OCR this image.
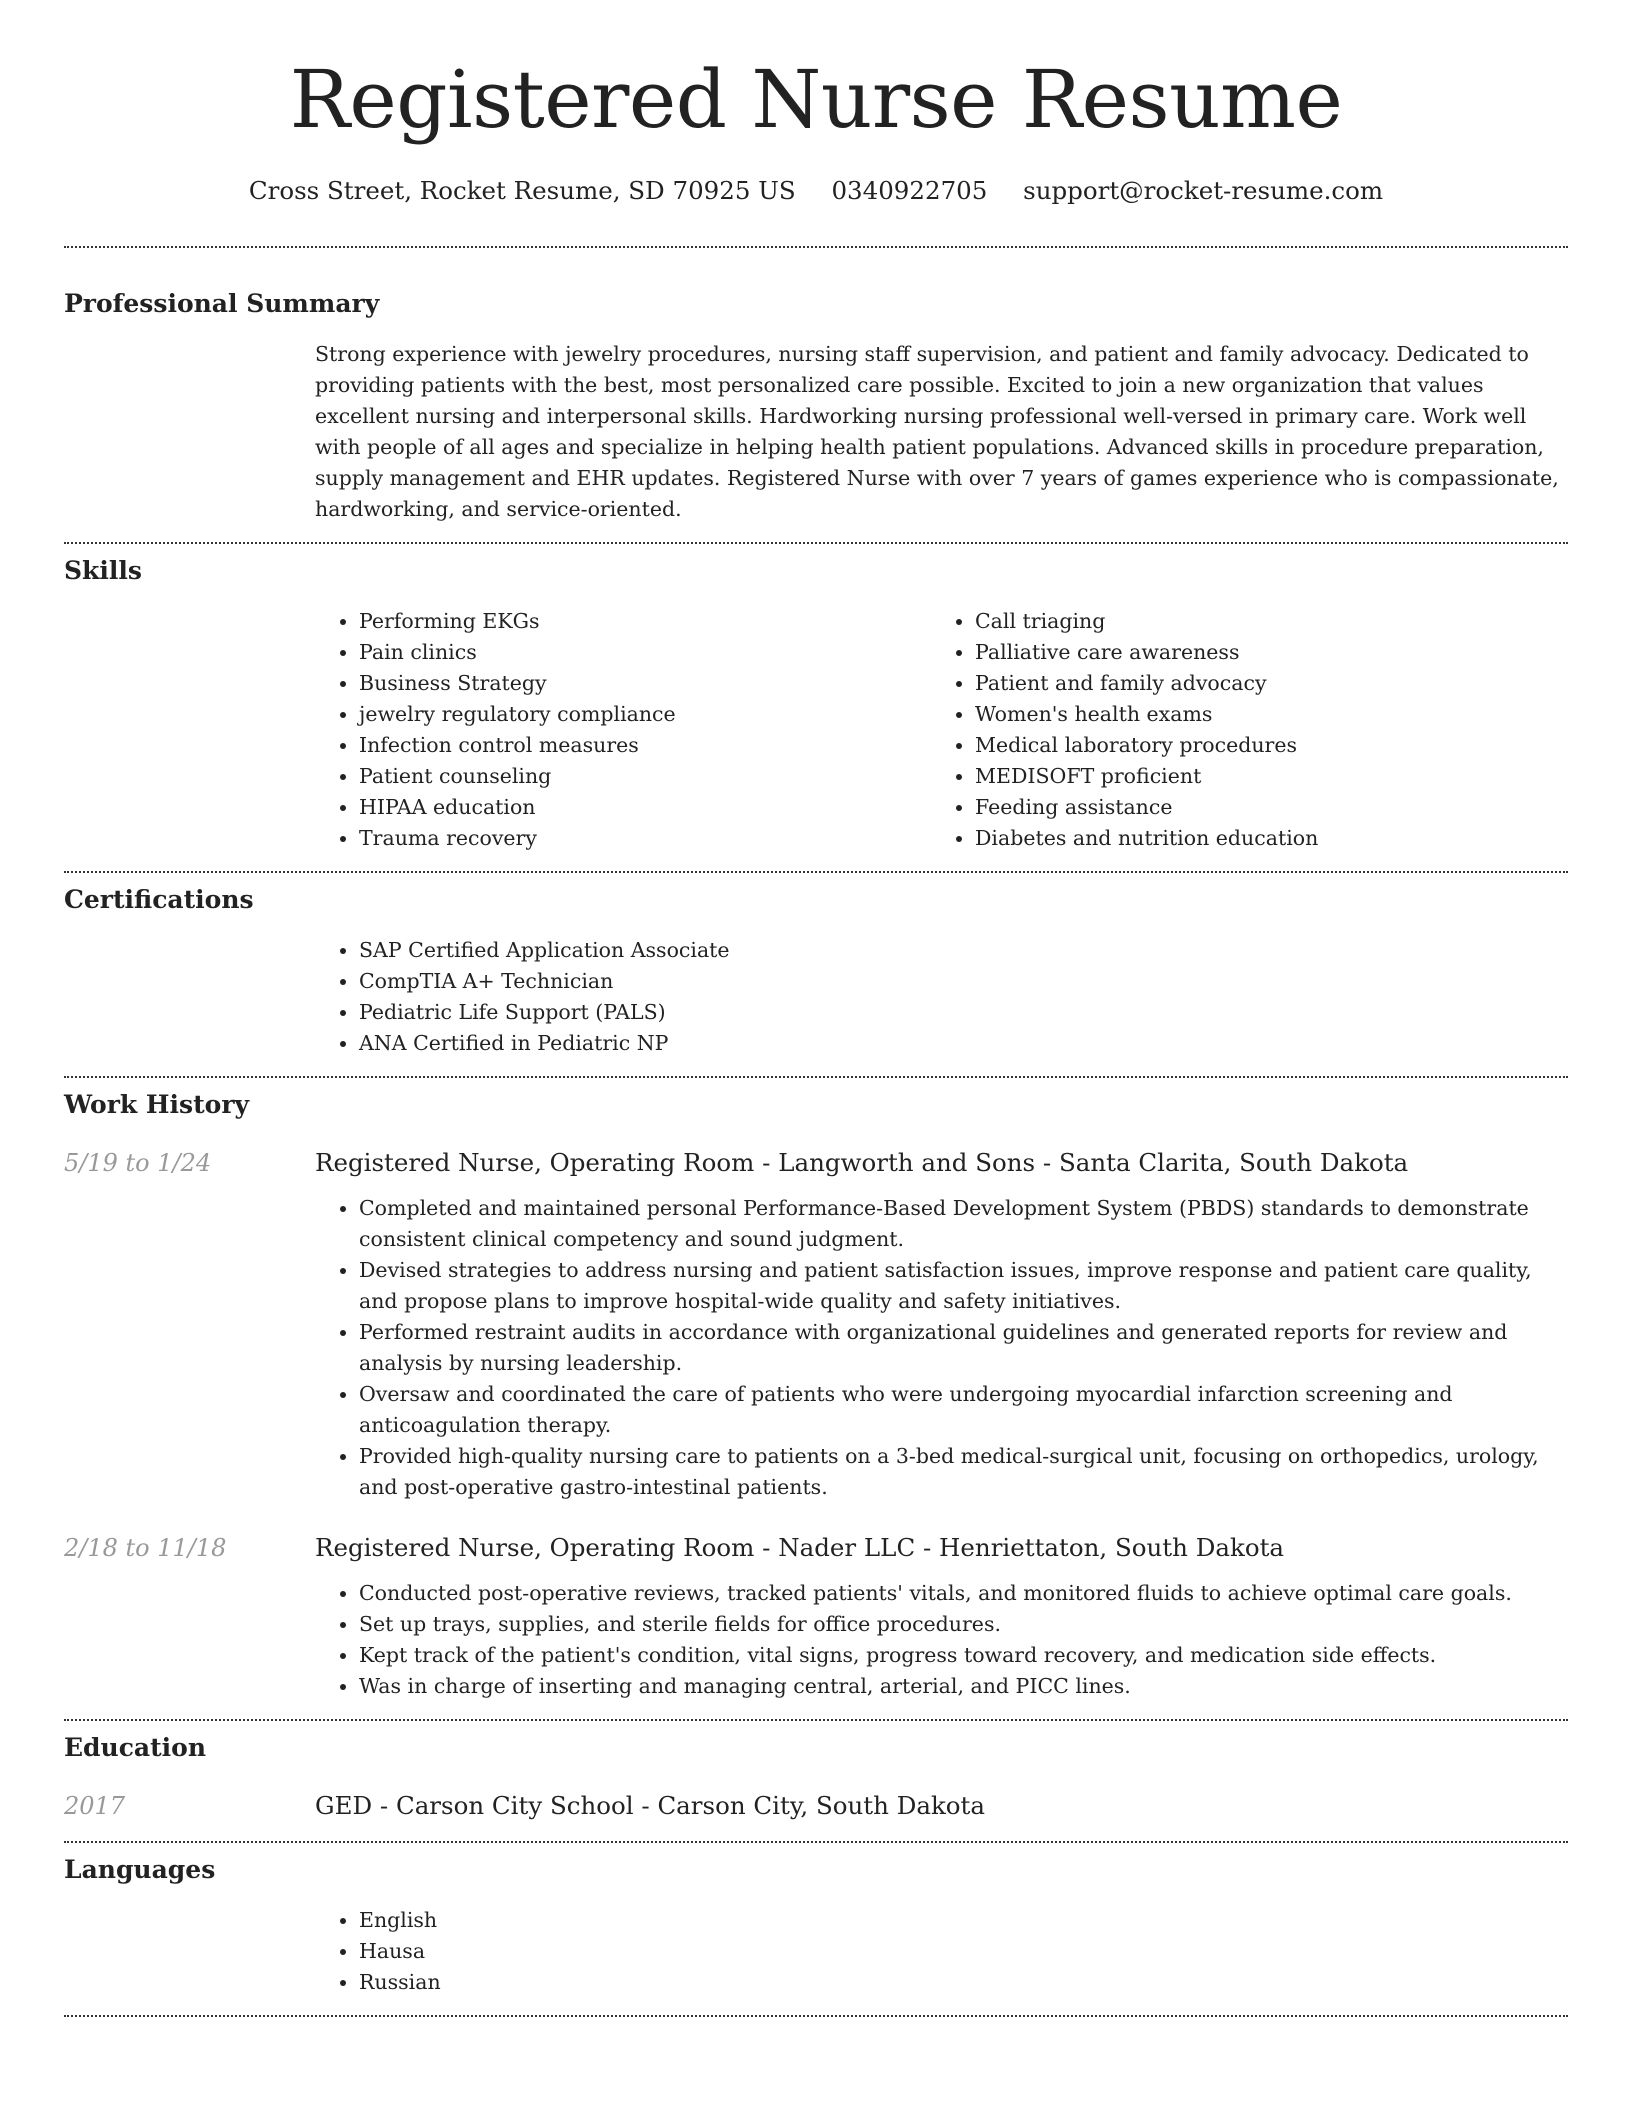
Registered Nurse Resume
Cross Street, Rocket Resume, SD 70925 US 0340922705 support@rocket-resume.com
Professional Summary

Strong experience with jewelry procedures, nursing staff supervision, and patient and family advocacy. Dedicated to providing patients with the best, most personalized care possible. Excited to join a new organization that values excellent nursing and interpersonal skills. Hardworking nursing professional well-versed in primary care. Work well with people of all ages and specialize in helping health patient populations. Advanced skills in procedure preparation, supply management and EHR updates. Registered Nurse with over 7 years of games experience who is compassionate, hardworking, and service-oriented.

Skills
• Performing EKGs
• Pain clinics
• Business Strategy
• jewelry regulatory compliance
• Infection control measures
• Patient counseling
• HIPAA education
• Trauma recovery
• Call triaging
• Palliative care awareness
• Patient and family advocacy
• Women's health exams
• Medical laboratory procedures
• MEDISOFT proficient
• Feeding assistance
• Diabetes and nutrition education
Certifications
• SAP Certified Application Associate
• CompTIA A+ Technician
• Pediatric Life Support (PALS)
• ANA Certified in Pediatric NP
Work History
5/19 to 1/24	Registered Nurse, Operating Room - Langworth and Sons - Santa Clarita, South Dakota
• Completed and maintained personal Performance-Based Development System (PBDS) standards to demonstrate consistent clinical competency and sound judgment.
• Devised strategies to address nursing and patient satisfaction issues, improve response and patient care quality, and propose plans to improve hospital-wide quality and safety initiatives.
• Performed restraint audits in accordance with organizational guidelines and generated reports for review and analysis by nursing leadership.
• Oversaw and coordinated the care of patients who were undergoing myocardial infarction screening and anticoagulation therapy.
• Provided high-quality nursing care to patients on a 3-bed medical-surgical unit, focusing on orthopedics, urology, and post-operative gastro-intestinal patients.
2/18 to 11/18	Registered Nurse, Operating Room - Nader LLC - Henriettaton, South Dakota
• Conducted post-operative reviews, tracked patients' vitals, and monitored fluids to achieve optimal care goals.
• Set up trays, supplies, and sterile fields for office procedures.
• Kept track of the patient's condition, vital signs, progress toward recovery, and medication side effects.
• Was in charge of inserting and managing central, arterial, and PICC lines.
Education
2017	GED - Carson City School - Carson City, South Dakota
Languages
• English
• Hausa
• Russian
